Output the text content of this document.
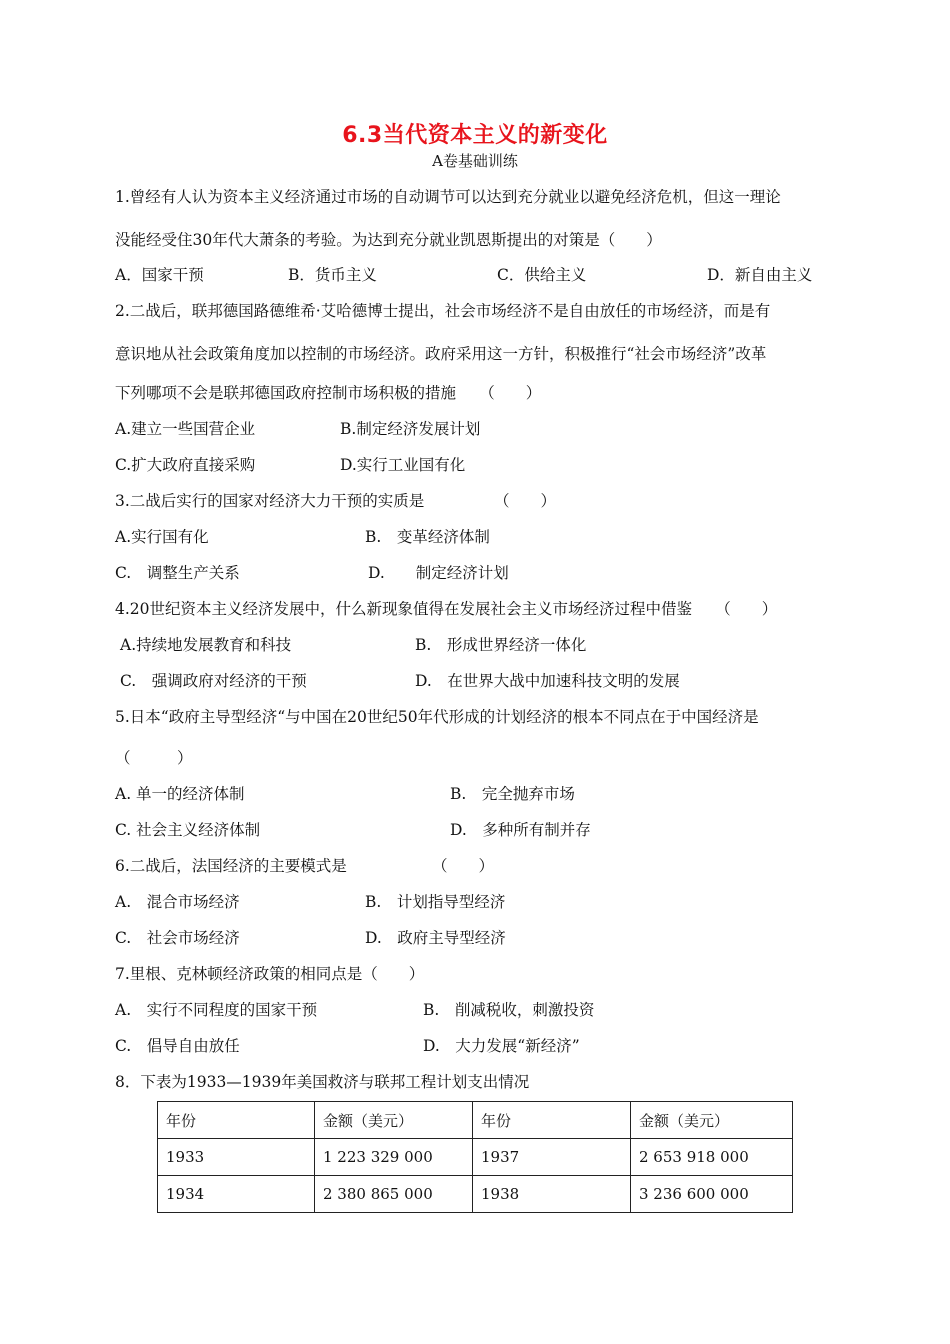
6.3当代资本主义的新变化
A卷基础训练
1.曾经有人认为资本主义经济通过市场的自动调节可以达到充分就业以避免经济危机，但这一理论
没能经受住30年代大萧条的考验。为达到充分就业凯恩斯提出的对策是（　　）
A．国家干预	B．货币主义	C．供给主义	D．新自由主义
2.二战后，联邦德国路德维希·艾哈德博士提出，社会市场经济不是自由放任的市场经济，而是有
意识地从社会政策角度加以控制的市场经济。政府采用这一方针，积极推行“社会市场经济”改革
下列哪项不会是联邦德国政府控制市场积极的措施　　（　　）
A.建立一些国营企业	B.制定经济发展计划
C.扩大政府直接采购	D.实行工业国有化
3.二战后实行的国家对经济大力干预的实质是　　　　　（　　）
A.实行国有化	B.　变革经济体制
C.　调整生产关系	D.　　制定经济计划
4.20世纪资本主义经济发展中，什么新现象值得在发展社会主义市场经济过程中借鉴　　（　　）
A.持续地发展教育和科技	B.　形成世界经济一体化
C.　强调政府对经济的干预	D.　在世界大战中加速科技文明的发展
5.日本“政府主导型经济“与中国在20世纪50年代形成的计划经济的根本不同点在于中国经济是
（　　　）
A. 单一的经济体制	B.　完全抛弃市场
C. 社会主义经济体制	D.　多种所有制并存
6.二战后，法国经济的主要模式是　　　　　　（　　）
A.　混合市场经济	B.　计划指导型经济
C.　社会市场经济	D.　政府主导型经济
7.里根、克林顿经济政策的相同点是（　　）
A.　实行不同程度的国家干预	B.　削减税收，刺激投资
C.　倡导自由放任	D.　大力发展“新经济”
8．下表为1933—1939年美国救济与联邦工程计划支出情况
年份	金额（美元）	年份	金额（美元）
1933	1 223 329 000	1937	2 653 918 000
1934	2 380 865 000	1938	3 236 600 000
